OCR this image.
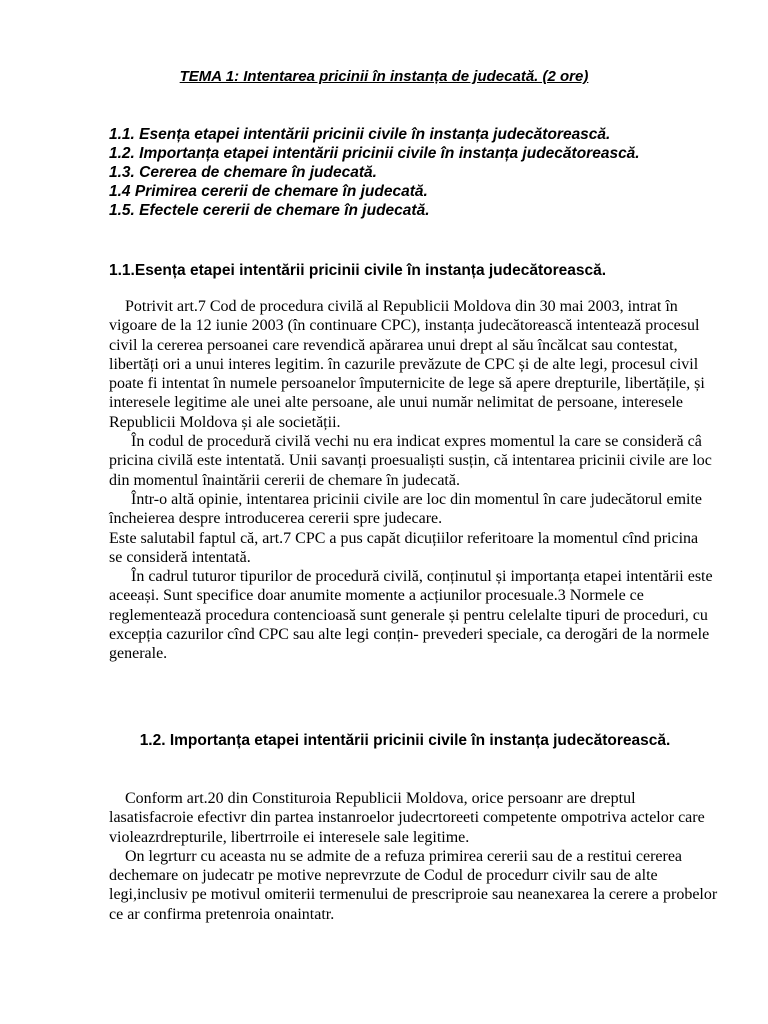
TEMA 1: Intentarea pricinii în instanța de judecată. (2 ore)
1.1. Esența etapei intentării pricinii civile în instanța judecătorească.
1.2. Importanța etapei intentării pricinii civile în instanța judecătorească.
1.3. Cererea de chemare în judecată.
1.4 Primirea cererii de chemare în judecată.
1.5. Efectele cererii de chemare în judecată.
1.1.Esența etapei intentării pricinii civile în instanța judecătorească.

Potrivit art.7 Cod de procedura civilă al Republicii Moldova din 30 mai 2003, intrat în vigoare de la 12 iunie 2003 (în continuare CPC), instanța judecătorească intentează procesul civil la cererea persoanei care revendică apărarea unui drept al său încălcat sau contestat, libertăți ori a unui interes legitim. în cazurile prevăzute de CPC și de alte legi, procesul civil poate fi intentat în numele persoanelor împuternicite de lege să apere drepturile, libertățile, și interesele legitime ale unei alte persoane, ale unui număr nelimitat de persoane, interesele Republicii Moldova și ale societății.

În codul de procedură civilă vechi nu era indicat expres momentul la care se consideră câ pricina civilă este intentată. Unii savanți proesualiști susțin, că intentarea pricinii civile are loc din momentul înaintării cererii de chemare în judecată.

Într-o altă opinie, intentarea pricinii civile are loc din momentul în care judecătorul emite încheierea despre introducerea cererii spre judecare.

Este salutabil faptul că, art.7 CPC a pus capăt dicuțiilor referitoare la momentul cînd pricina se consideră intentată.

În cadrul tuturor tipurilor de procedură civilă, conținutul și importanța etapei intentării este aceeași. Sunt specifice doar anumite momente a acțiunilor procesuale.3 Normele ce reglementează procedura contencioasă sunt generale și pentru celelalte tipuri de proceduri, cu excepția cazurilor cînd CPC sau alte legi conțin- prevederi speciale, ca derogări de la normele generale.

1.2. Importanța etapei intentării pricinii civile în instanța judecătorească.

Conform art.20 din Constituroia Republicii Moldova, orice persoanr are dreptul lasatisfacroie efectivr din partea instanroelor judecrtoreeti competente ompotriva actelor care violeazrdrepturile, libertrroile ei interesele sale legitime.

On legrturr cu aceasta nu se admite de a refuza primirea cererii sau de a restitui cererea dechemare on judecatr pe motive neprevrzute de Codul de procedurr civilr sau de alte legi,inclusiv pe motivul omiterii termenului de prescriproie sau neanexarea la cerere a probelor ce ar confirma pretenroia onaintatr.
